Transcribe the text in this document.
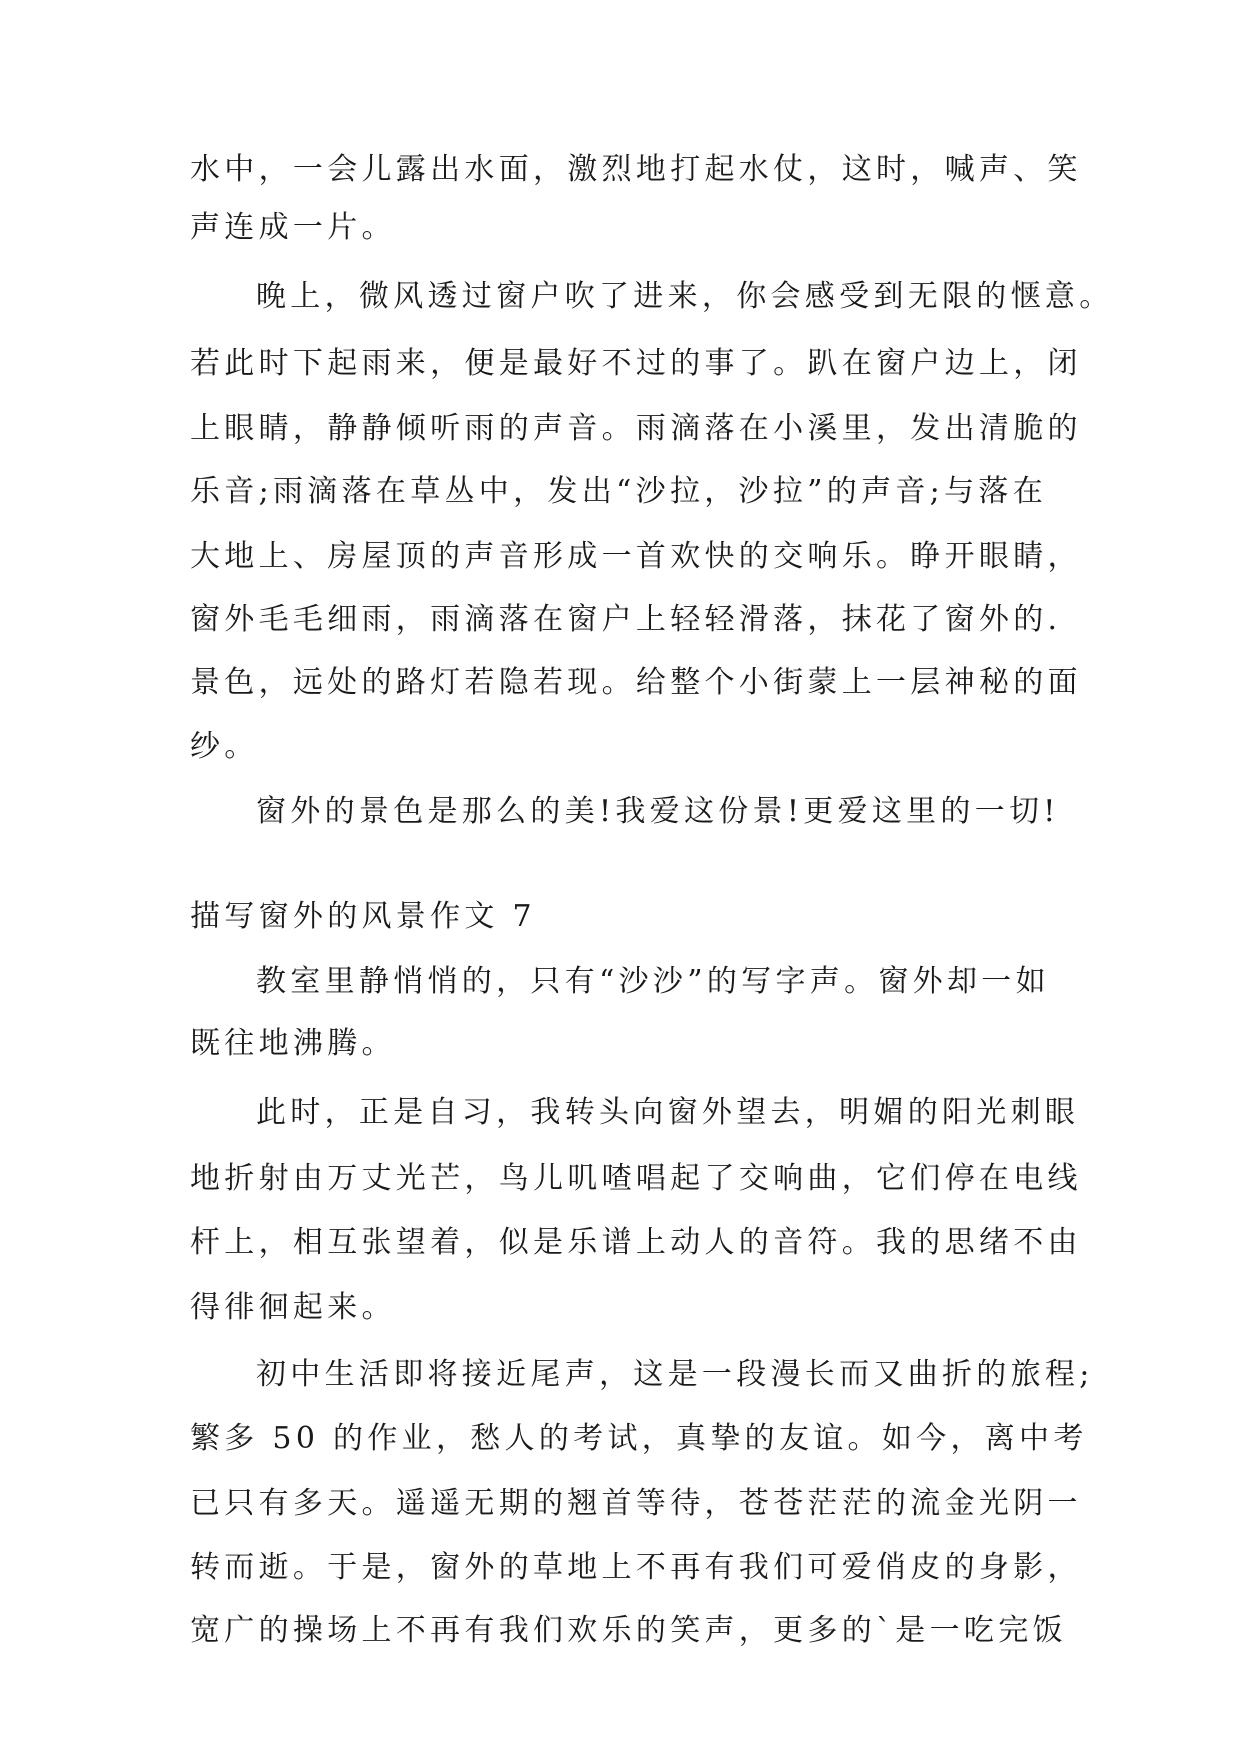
水中，一会儿露出水面，激烈地打起水仗，这时，喊声、笑
声连成一片。
晚上，微风透过窗户吹了进来，你会感受到无限的惬意。
若此时下起雨来，便是最好不过的事了。趴在窗户边上，闭
上眼睛，静静倾听雨的声音。雨滴落在小溪里，发出清脆的
乐音;雨滴落在草丛中，发出“沙拉，沙拉”的声音;与落在
大地上、房屋顶的声音形成一首欢快的交响乐。睁开眼睛，
窗外毛毛细雨，雨滴落在窗户上轻轻滑落，抹花了窗外的.
景色，远处的路灯若隐若现。给整个小街蒙上一层神秘的面
纱。
窗外的景色是那么的美!我爱这份景!更爱这里的一切!
描写窗外的风景作文 7
教室里静悄悄的，只有“沙沙”的写字声。窗外却一如
既往地沸腾。
此时，正是自习，我转头向窗外望去，明媚的阳光刺眼
地折射由万丈光芒，鸟儿叽喳唱起了交响曲，它们停在电线
杆上，相互张望着，似是乐谱上动人的音符。我的思绪不由
得徘徊起来。
初中生活即将接近尾声，这是一段漫长而又曲折的旅程;
繁多 50 的作业，愁人的考试，真挚的友谊。如今，离中考
已只有多天。遥遥无期的翘首等待，苍苍茫茫的流金光阴一
转而逝。于是，窗外的草地上不再有我们可爱俏皮的身影，
宽广的操场上不再有我们欢乐的笑声，更多的`是一吃完饭
